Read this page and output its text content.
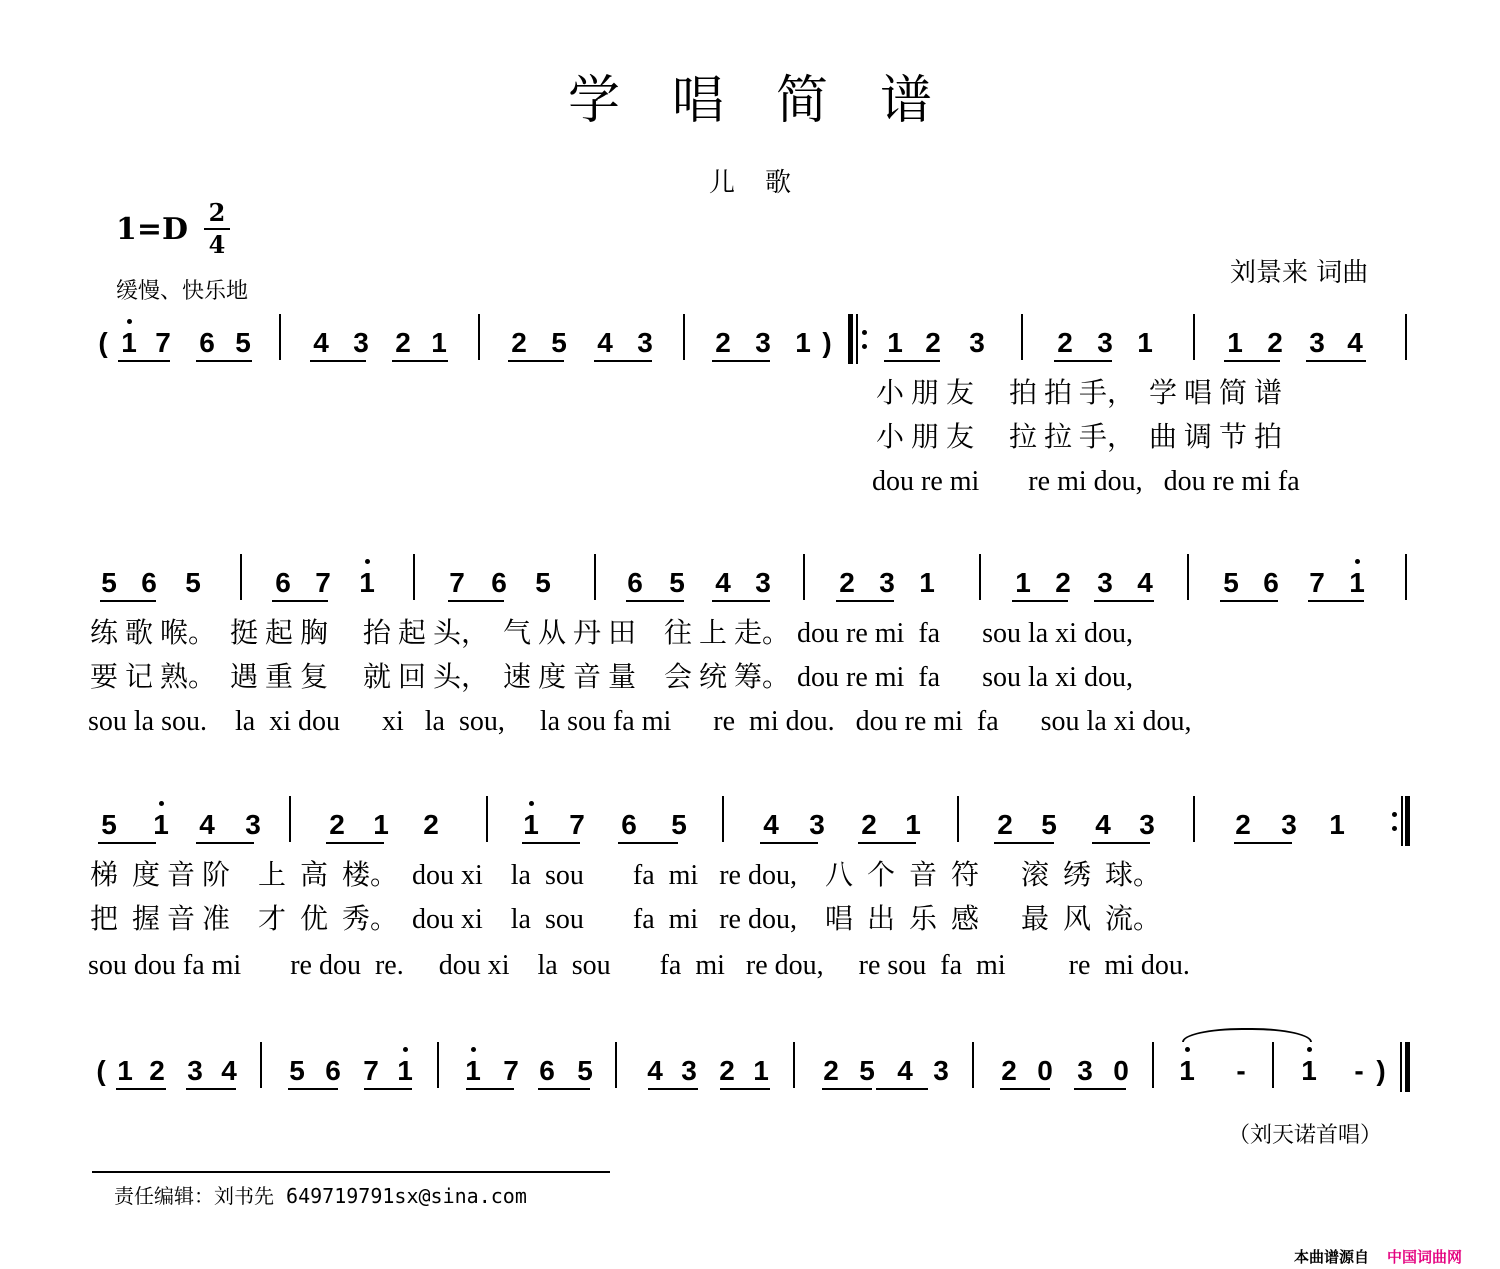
学唱简谱
儿歌
1=D 2
4
缓慢、快乐地
刘景来 词曲
( 1 7 6 5 4 3 2 1 2 5 4 3 2 3 1 ) 1 2 3	2 3 1	1 2 3 4
小 朋 友     拍 拍 手，  学 唱 简 谱
小 朋 友     拉 拉 手，  曲 调 节 拍
dou re mi       re mi dou,   dou re mi fa
5 6 5	6 7 1	7 6 5	6 5 4 3 2 3 1	1 2 3 4	5 6 7 1
练 歌 喉。  挺 起 胸     抬 起 头，  气 从 丹 田    往 上 走。 dou re mi  fa      sou la xi dou,
要 记 熟。  遇 重 复     就 回 头，  速 度 音 量    会 统 筹。 dou re mi  fa      sou la xi dou,
sou la sou.    la  xi dou      xi   la  sou,     la sou fa mi      re  mi dou.   dou re mi  fa      sou la xi dou,
5 1 4 3 2 1 2	1 7 6 5	4 3 2 1	2 5 4 3	2 3 1
梯  度 音 阶    上  高  楼。  dou xi    la  sou       fa  mi   re dou,    八  个  音  符      滚  绣  球。
把  握 音 准    才  优  秀。  dou xi    la  sou       fa  mi   re dou,    唱  出  乐  感      最  风  流。
sou dou fa mi       re dou  re.     dou xi    la  sou       fa  mi   re dou,     re sou  fa  mi         re  mi dou.
( 1 2 3 4 5 6 7 1 1 7 6 5 4 3 2 1 2 5 4 3 2 0 3 0 1 - 1 - )
（刘天诺首唱）
责任编辑：刘书先 649719791sx@sina.com
本曲谱源自 中国词曲网
